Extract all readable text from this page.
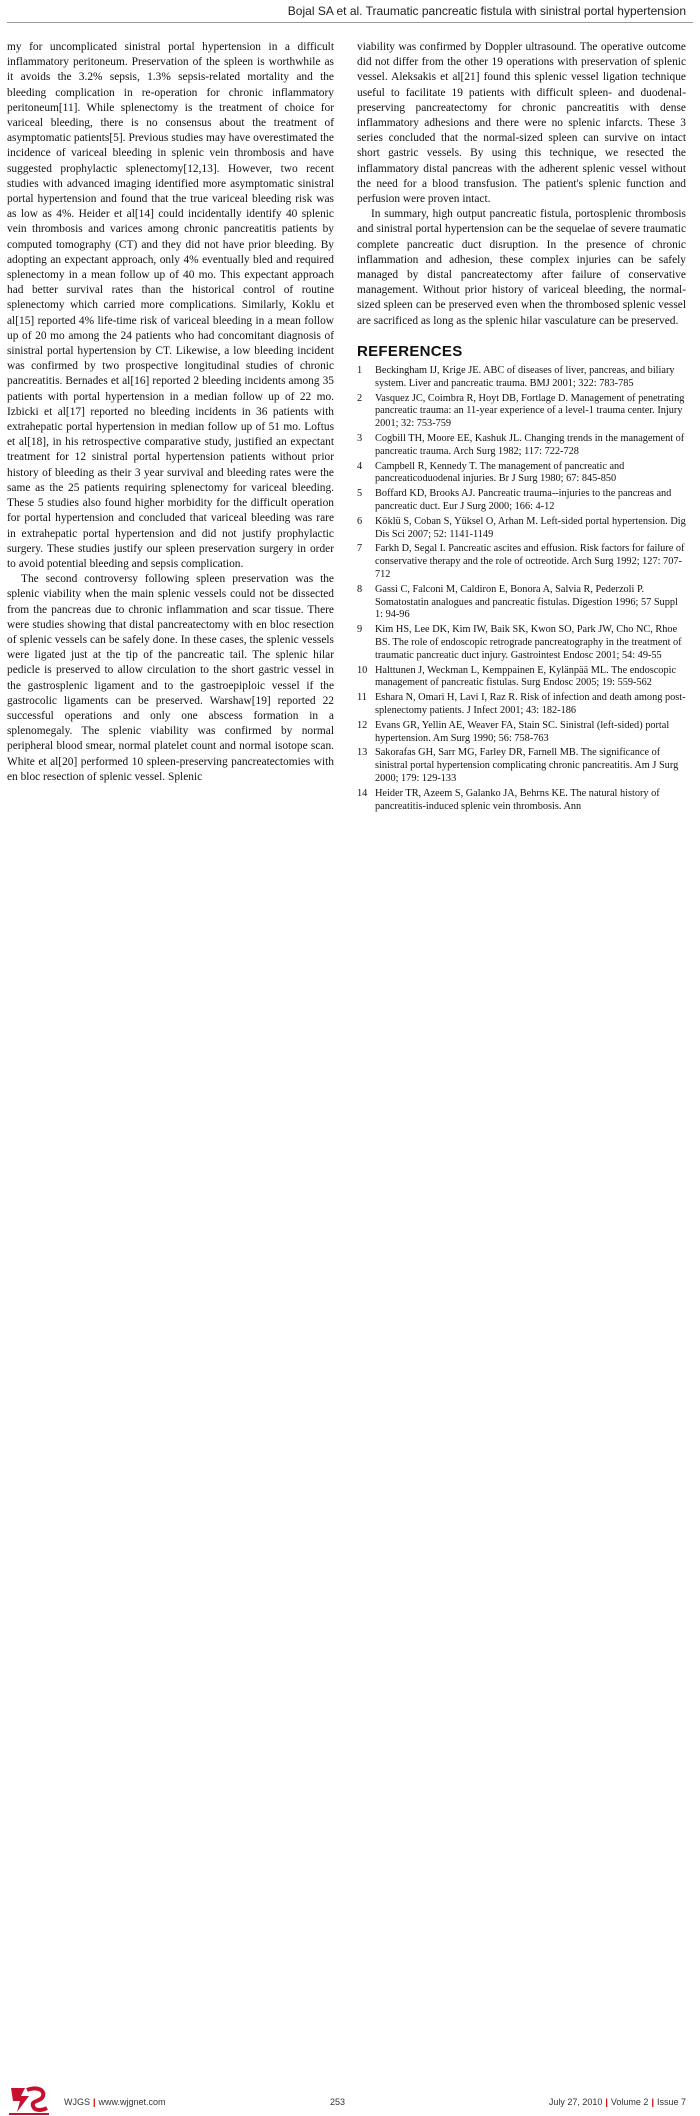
Bojal SA et al. Traumatic pancreatic fistula with sinistral portal hypertension

my for uncomplicated sinistral portal hypertension in a difficult inflammatory peritoneum. Preservation of the spleen is worthwhile as it avoids the 3.2% sepsis, 1.3% sepsis-related mortality and the bleeding complication in re-operation for chronic inflammatory peritoneum[11]. While splenectomy is the treatment of choice for variceal bleeding, there is no consensus about the treatment of asymptomatic patients[5]. Previous studies may have overestimated the incidence of variceal bleeding in splenic vein thrombosis and have suggested prophylactic splenectomy[12,13]. However, two recent studies with advanced imaging identified more asymptomatic sinistral portal hypertension and found that the true variceal bleeding risk was as low as 4%. Heider et al[14] could incidentally identify 40 splenic vein thrombosis and varices among chronic pancreatitis patients by computed tomography (CT) and they did not have prior bleeding. By adopting an expectant approach, only 4% eventually bled and required splenectomy in a mean follow up of 40 mo. This expectant approach had better survival rates than the historical control of routine splenectomy which carried more complications. Similarly, Koklu et al[15] reported 4% life-time risk of variceal bleeding in a mean follow up of 20 mo among the 24 patients who had concomitant diagnosis of sinistral portal hypertension by CT. Likewise, a low bleeding incident was confirmed by two prospective longitudinal studies of chronic pancreatitis. Bernades et al[16] reported 2 bleeding incidents among 35 patients with portal hypertension in a median follow up of 22 mo. Izbicki et al[17] reported no bleeding incidents in 36 patients with extrahepatic portal hypertension in median follow up of 51 mo. Loftus et al[18], in his retrospective comparative study, justified an expectant treatment for 12 sinistral portal hypertension patients without prior history of bleeding as their 3 year survival and bleeding rates were the same as the 25 patients requiring splenectomy for variceal bleeding. These 5 studies also found higher morbidity for the difficult operation for portal hypertension and concluded that variceal bleeding was rare in extrahepatic portal hypertension and did not justify prophylactic surgery. These studies justify our spleen preservation surgery in order to avoid potential bleeding and sepsis complication.

The second controversy following spleen preservation was the splenic viability when the main splenic vessels could not be dissected from the pancreas due to chronic inflammation and scar tissue. There were studies showing that distal pancreatectomy with en bloc resection of splenic vessels can be safely done. In these cases, the splenic vessels were ligated just at the tip of the pancreatic tail. The splenic hilar pedicle is preserved to allow circulation to the short gastric vessel in the gastrosplenic ligament and to the gastroepiploic vessel if the gastrocolic ligaments can be preserved. Warshaw[19] reported 22 successful operations and only one abscess formation in a splenomegaly. The splenic viability was confirmed by normal peripheral blood smear, normal platelet count and normal isotope scan. White et al[20] performed 10 spleen-preserving pancreatectomies with en bloc resection of splenic vessel. Splenic

viability was confirmed by Doppler ultrasound. The operative outcome did not differ from the other 19 operations with preservation of splenic vessel. Aleksakis et al[21] found this splenic vessel ligation technique useful to facilitate 19 patients with difficult spleen- and duodenal-preserving pancreatectomy for chronic pancreatitis with dense inflammatory adhesions and there were no splenic infarcts. These 3 series concluded that the normal-sized spleen can survive on intact short gastric vessels. By using this technique, we resected the inflammatory distal pancreas with the adherent splenic vessel without the need for a blood transfusion. The patient's splenic function and perfusion were proven intact.

In summary, high output pancreatic fistula, portosplenic thrombosis and sinistral portal hypertension can be the sequelae of severe traumatic complete pancreatic duct disruption. In the presence of chronic inflammation and adhesion, these complex injuries can be safely managed by distal pancreatectomy after failure of conservative management. Without prior history of variceal bleeding, the normal-sized spleen can be preserved even when the thrombosed splenic vessel are sacrificed as long as the splenic hilar vasculature can be preserved.

REFERENCES
1	Beckingham IJ, Krige JE. ABC of diseases of liver, pancreas, and biliary system. Liver and pancreatic trauma. BMJ 2001; 322: 783-785
2	Vasquez JC, Coimbra R, Hoyt DB, Fortlage D. Management of penetrating pancreatic trauma: an 11-year experience of a level-1 trauma center. Injury 2001; 32: 753-759
3	Cogbill TH, Moore EE, Kashuk JL. Changing trends in the management of pancreatic trauma. Arch Surg 1982; 117: 722-728
4	Campbell R, Kennedy T. The management of pancreatic and pancreaticoduodenal injuries. Br J Surg 1980; 67: 845-850
5	Boffard KD, Brooks AJ. Pancreatic trauma--injuries to the pancreas and pancreatic duct. Eur J Surg 2000; 166: 4-12
6	Köklü S, Coban S, Yüksel O, Arhan M. Left-sided portal hypertension. Dig Dis Sci 2007; 52: 1141-1149
7	Farkh D, Segal I. Pancreatic ascites and effusion. Risk factors for failure of conservative therapy and the role of octreotide. Arch Surg 1992; 127: 707-712
8	Gassi C, Falconi M, Caldiron E, Bonora A, Salvia R, Pederzoli P. Somatostatin analogues and pancreatic fistulas. Digestion 1996; 57 Suppl 1: 94-96
9	Kim HS, Lee DK, Kim IW, Baik SK, Kwon SO, Park JW, Cho NC, Rhoe BS. The role of endoscopic retrograde pancreatography in the treatment of traumatic pancreatic duct injury. Gastrointest Endosc 2001; 54: 49-55
10 Halttunen J, Weckman L, Kemppainen E, Kylänpää ML. The endoscopic management of pancreatic fistulas. Surg Endosc 2005; 19: 559-562
11 Eshara N, Omari H, Lavi I, Raz R. Risk of infection and death among post-splenectomy patients. J Infect 2001; 43: 182-186
12 Evans GR, Yellin AE, Weaver FA, Stain SC. Sinistral (left-sided) portal hypertension. Am Surg 1990; 56: 758-763
13 Sakorafas GH, Sarr MG, Farley DR, Farnell MB. The significance of sinistral portal hypertension complicating chronic pancreatitis. Am J Surg 2000; 179: 129-133
14 Heider TR, Azeem S, Galanko JA, Behrns KE. The natural history of pancreatitis-induced splenic vein thrombosis. Ann
WJGS | www.wjgnet.com	253	July 27, 2010 | Volume 2 | Issue 7
